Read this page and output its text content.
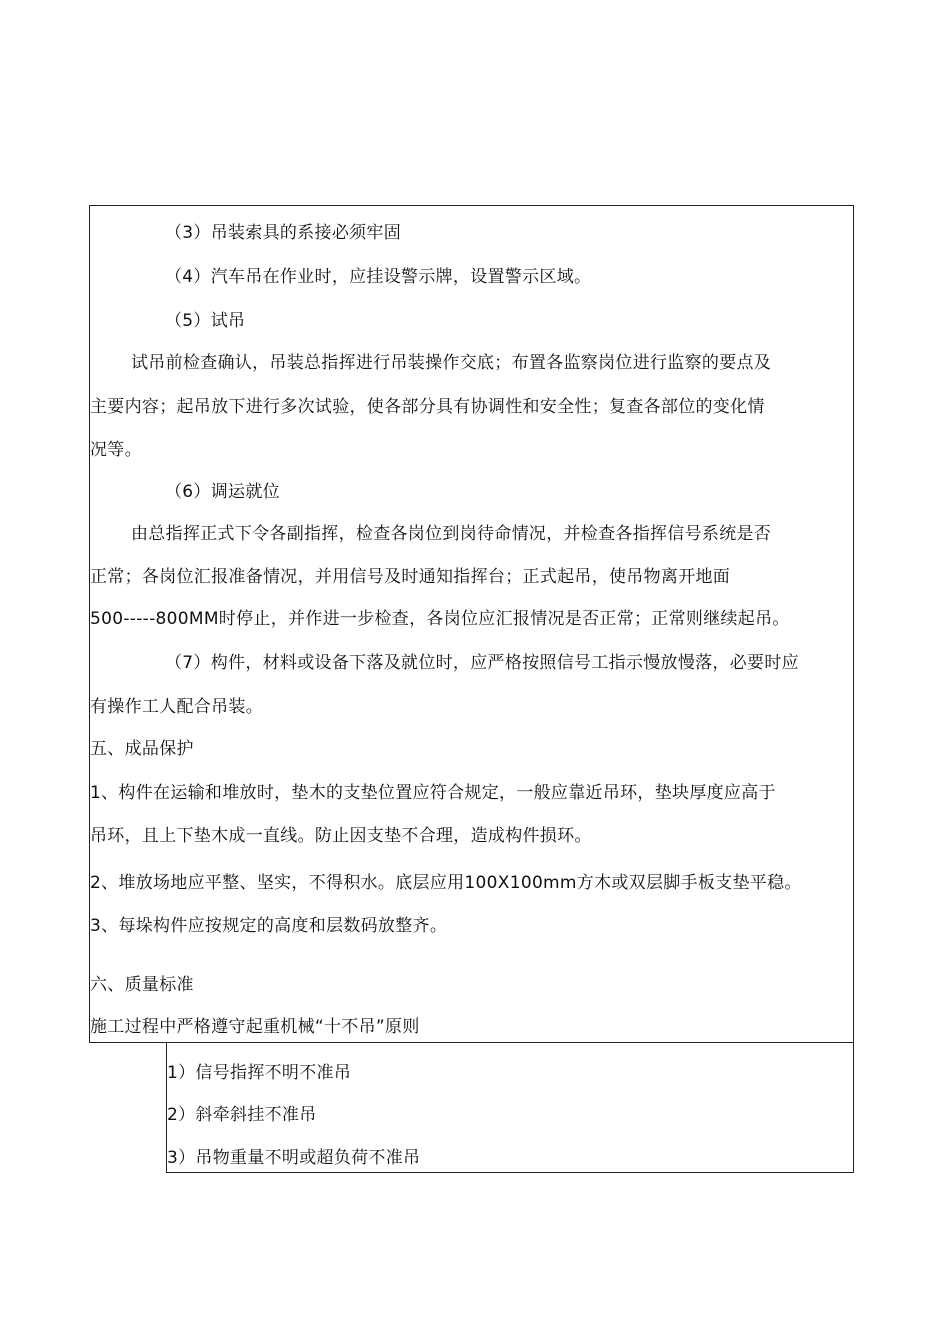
（3）吊装索具的系接必须牢固
（4）汽车吊在作业时，应挂设警示牌，设置警示区域。
（5）试吊
试吊前检查确认，吊装总指挥进行吊装操作交底；布置各监察岗位进行监察的要点及
主要内容；起吊放下进行多次试验，使各部分具有协调性和安全性；复查各部位的变化情
况等。
（6）调运就位
由总指挥正式下令各副指挥，检查各岗位到岗待命情况，并检查各指挥信号系统是否
正常；各岗位汇报准备情况，并用信号及时通知指挥台；正式起吊，使吊物离开地面
500-----800MM时停止，并作进一步检查，各岗位应汇报情况是否正常；正常则继续起吊。
（7）构件，材料或设备下落及就位时，应严格按照信号工指示慢放慢落，必要时应
有操作工人配合吊装。
五、成品保护
1、构件在运输和堆放时，垫木的支垫位置应符合规定，一般应靠近吊环，垫块厚度应高于
吊环，且上下垫木成一直线。防止因支垫不合理，造成构件损环。
2、堆放场地应平整、坚实，不得积水。底层应用100X100mm方木或双层脚手板支垫平稳。
3、每垛构件应按规定的高度和层数码放整齐。
六、质量标准
施工过程中严格遵守起重机械“十不吊”原则
1）信号指挥不明不准吊
2）斜牵斜挂不准吊
3）吊物重量不明或超负荷不准吊
